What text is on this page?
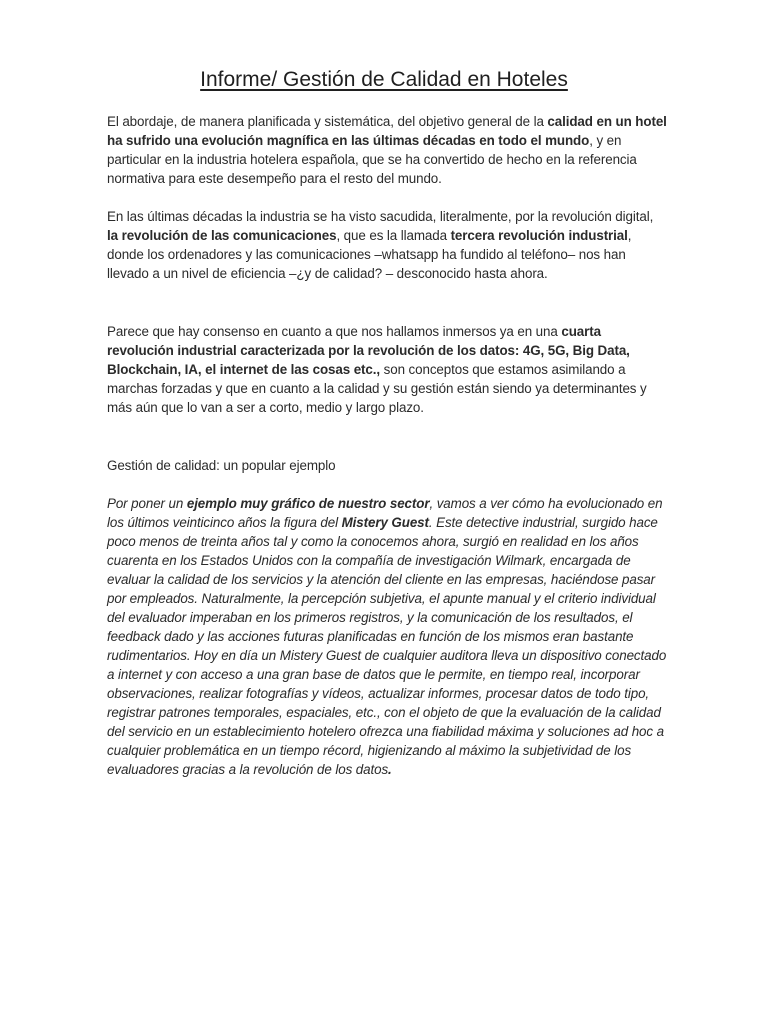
Informe/ Gestión de Calidad en Hoteles

El abordaje, de manera planificada y sistemática, del objetivo general de la calidad en un hotel ha sufrido una evolución magnífica en las últimas décadas en todo el mundo, y en particular en la industria hotelera española, que se ha convertido de hecho en la referencia normativa para este desempeño para el resto del mundo.

En las últimas décadas la industria se ha visto sacudida, literalmente, por la revolución digital, la revolución de las comunicaciones, que es la llamada tercera revolución industrial, donde los ordenadores y las comunicaciones –whatsapp ha fundido al teléfono– nos han llevado a un nivel de eficiencia –¿y de calidad? – desconocido hasta ahora.

Parece que hay consenso en cuanto a que nos hallamos inmersos ya en una cuarta revolución industrial caracterizada por la revolución de los datos: 4G, 5G, Big Data, Blockchain, IA, el internet de las cosas etc., son conceptos que estamos asimilando a marchas forzadas y que en cuanto a la calidad y su gestión están siendo ya determinantes y más aún que lo van a ser a corto, medio y largo plazo.

Gestión de calidad: un popular ejemplo

Por poner un ejemplo muy gráfico de nuestro sector, vamos a ver cómo ha evolucionado en los últimos veinticinco años la figura del Mistery Guest. Este detective industrial, surgido hace poco menos de treinta años tal y como la conocemos ahora, surgió en realidad en los años cuarenta en los Estados Unidos con la compañía de investigación Wilmark, encargada de evaluar la calidad de los servicios y la atención del cliente en las empresas, haciéndose pasar por empleados. Naturalmente, la percepción subjetiva, el apunte manual y el criterio individual del evaluador imperaban en los primeros registros, y la comunicación de los resultados, el feedback dado y las acciones futuras planificadas en función de los mismos eran bastante rudimentarios. Hoy en día un Mistery Guest de cualquier auditora lleva un dispositivo conectado a internet y con acceso a una gran base de datos que le permite, en tiempo real, incorporar observaciones, realizar fotografías y vídeos, actualizar informes, procesar datos de todo tipo, registrar patrones temporales, espaciales, etc., con el objeto de que la evaluación de la calidad del servicio en un establecimiento hotelero ofrezca una fiabilidad máxima y soluciones ad hoc a cualquier problemática en un tiempo récord, higienizando al máximo la subjetividad de los evaluadores gracias a la revolución de los datos.
